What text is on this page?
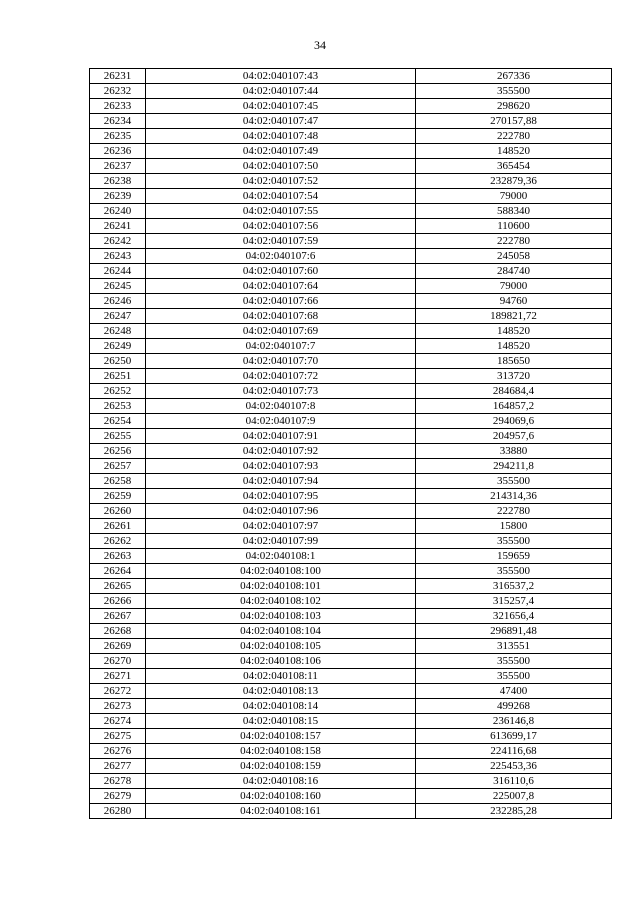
34
26231	04:02:040107:43	267336
26232	04:02:040107:44	355500
26233	04:02:040107:45	298620
26234	04:02:040107:47	270157,88
26235	04:02:040107:48	222780
26236	04:02:040107:49	148520
26237	04:02:040107:50	365454
26238	04:02:040107:52	232879,36
26239	04:02:040107:54	79000
26240	04:02:040107:55	588340
26241	04:02:040107:56	110600
26242	04:02:040107:59	222780
26243	04:02:040107:6	245058
26244	04:02:040107:60	284740
26245	04:02:040107:64	79000
26246	04:02:040107:66	94760
26247	04:02:040107:68	189821,72
26248	04:02:040107:69	148520
26249	04:02:040107:7	148520
26250	04:02:040107:70	185650
26251	04:02:040107:72	313720
26252	04:02:040107:73	284684,4
26253	04:02:040107:8	164857,2
26254	04:02:040107:9	294069,6
26255	04:02:040107:91	204957,6
26256	04:02:040107:92	33880
26257	04:02:040107:93	294211,8
26258	04:02:040107:94	355500
26259	04:02:040107:95	214314,36
26260	04:02:040107:96	222780
26261	04:02:040107:97	15800
26262	04:02:040107:99	355500
26263	04:02:040108:1	159659
26264	04:02:040108:100	355500
26265	04:02:040108:101	316537,2
26266	04:02:040108:102	315257,4
26267	04:02:040108:103	321656,4
26268	04:02:040108:104	296891,48
26269	04:02:040108:105	313551
26270	04:02:040108:106	355500
26271	04:02:040108:11	355500
26272	04:02:040108:13	47400
26273	04:02:040108:14	499268
26274	04:02:040108:15	236146,8
26275	04:02:040108:157	613699,17
26276	04:02:040108:158	224116,68
26277	04:02:040108:159	225453,36
26278	04:02:040108:16	316110,6
26279	04:02:040108:160	225007,8
26280	04:02:040108:161	232285,28
